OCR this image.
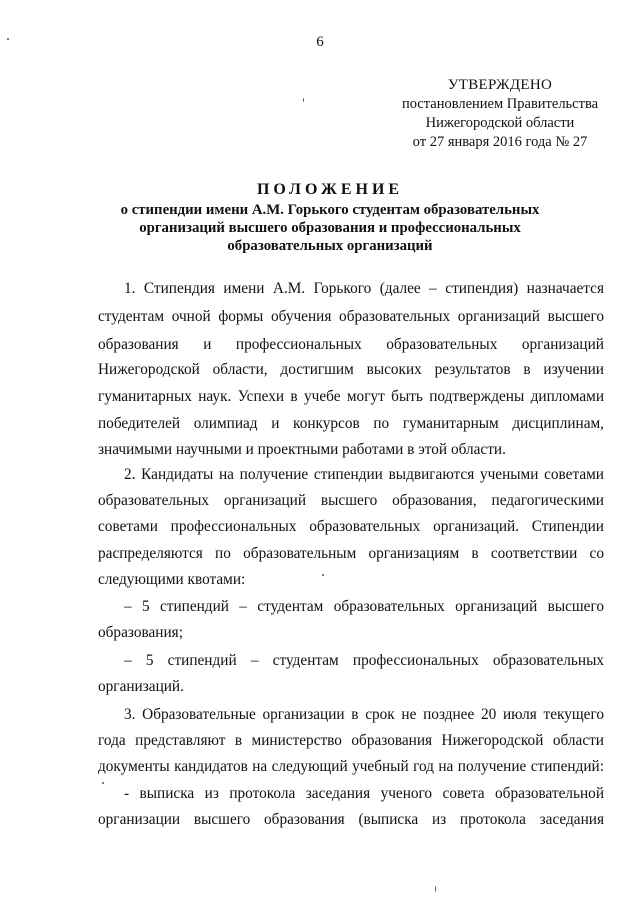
6
УТВЕРЖДЕНО
постановлением Правительства
Нижегородской области
от 27 января 2016 года № 27
ПОЛОЖЕНИЕ
о стипендии имени А.М. Горького студентам образовательных
организаций высшего образования и профессиональных
образовательных организаций
1. Стипендия имени А.М. Горького (далее – стипендия) назначается
студентам очной формы обучения образовательных организаций высшего
образования и профессиональных образовательных организаций
Нижегородской области, достигшим высоких результатов в изучении
гуманитарных наук. Успехи в учебе могут быть подтверждены дипломами
победителей олимпиад и конкурсов по гуманитарным дисциплинам,
значимыми научными и проектными работами в этой области.
2. Кандидаты на получение стипендии выдвигаются учеными советами
образовательных организаций высшего образования, педагогическими
советами профессиональных образовательных организаций. Стипендии
распределяются по образовательным организациям в соответствии со
следующими квотами:
– 5 стипендий – студентам образовательных организаций высшего
образования;
– 5 стипендий – студентам профессиональных образовательных
организаций.
3. Образовательные организации в срок не позднее 20 июля текущего
года представляют в министерство образования Нижегородской области
документы кандидатов на следующий учебный год на получение стипендий:
- выписка из протокола заседания ученого совета образовательной
организации высшего образования (выписка из протокола заседания
